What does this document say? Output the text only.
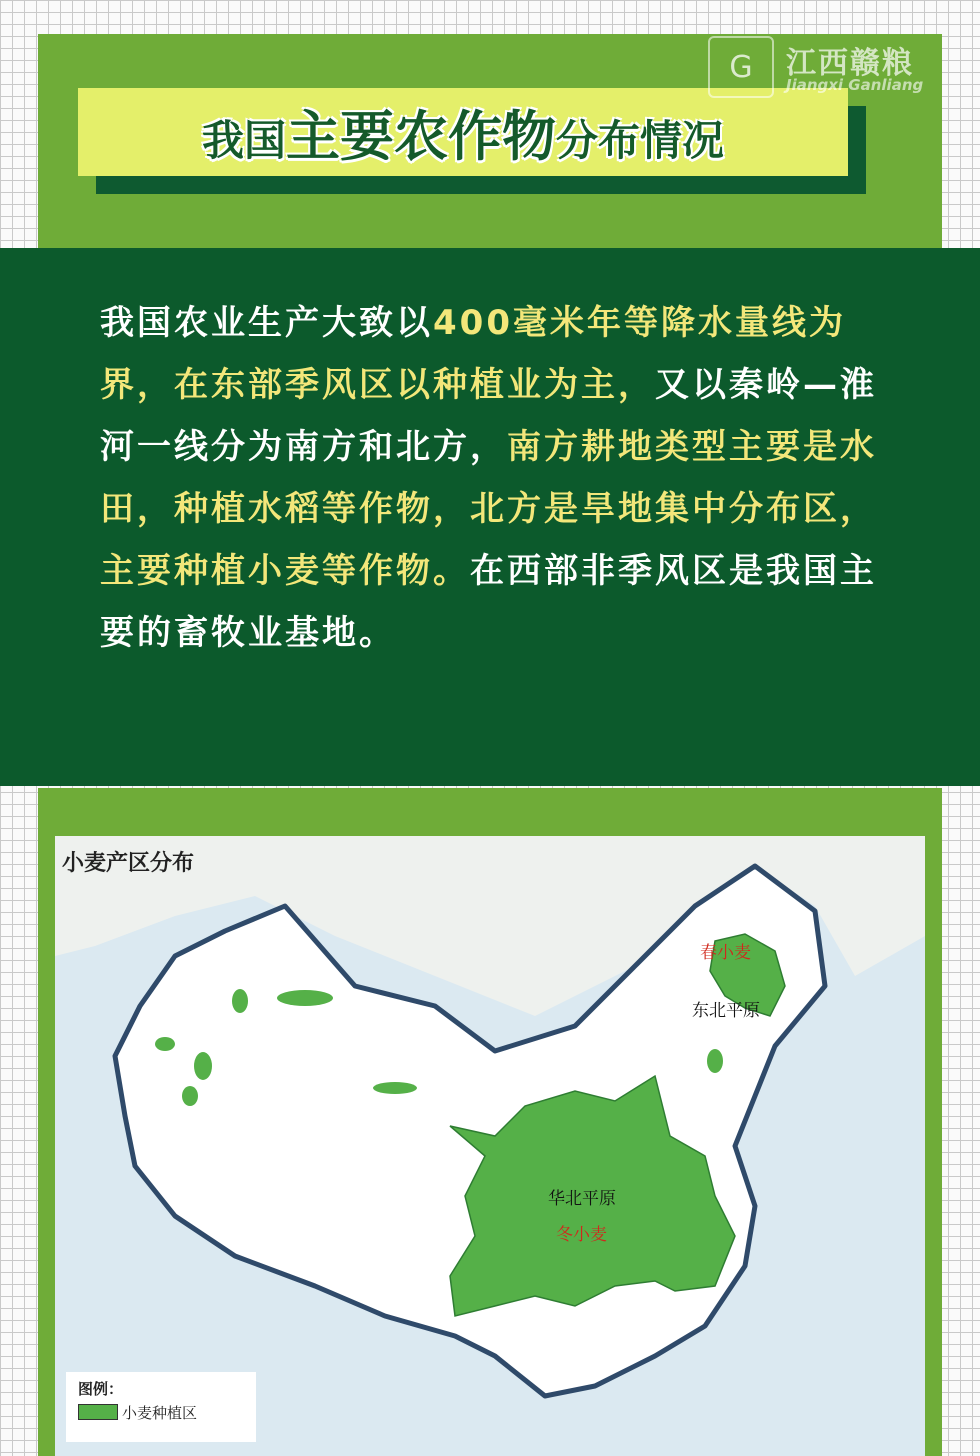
我国主要农作物分布情况
G	江西赣粮
Jiangxi Ganliang
我国农业生产大致以400毫米年等降水量线为界，在东部季风区以种植业为主，又以秦岭—淮河一线分为南方和北方，南方耕地类型主要是水田，种植水稻等作物，北方是旱地集中分布区，主要种植小麦等作物。在西部非季风区是我国主要的畜牧业基地。
小麦产区分布
春小麦
东北平原
华北平原
冬小麦
图例：
小麦种植区
